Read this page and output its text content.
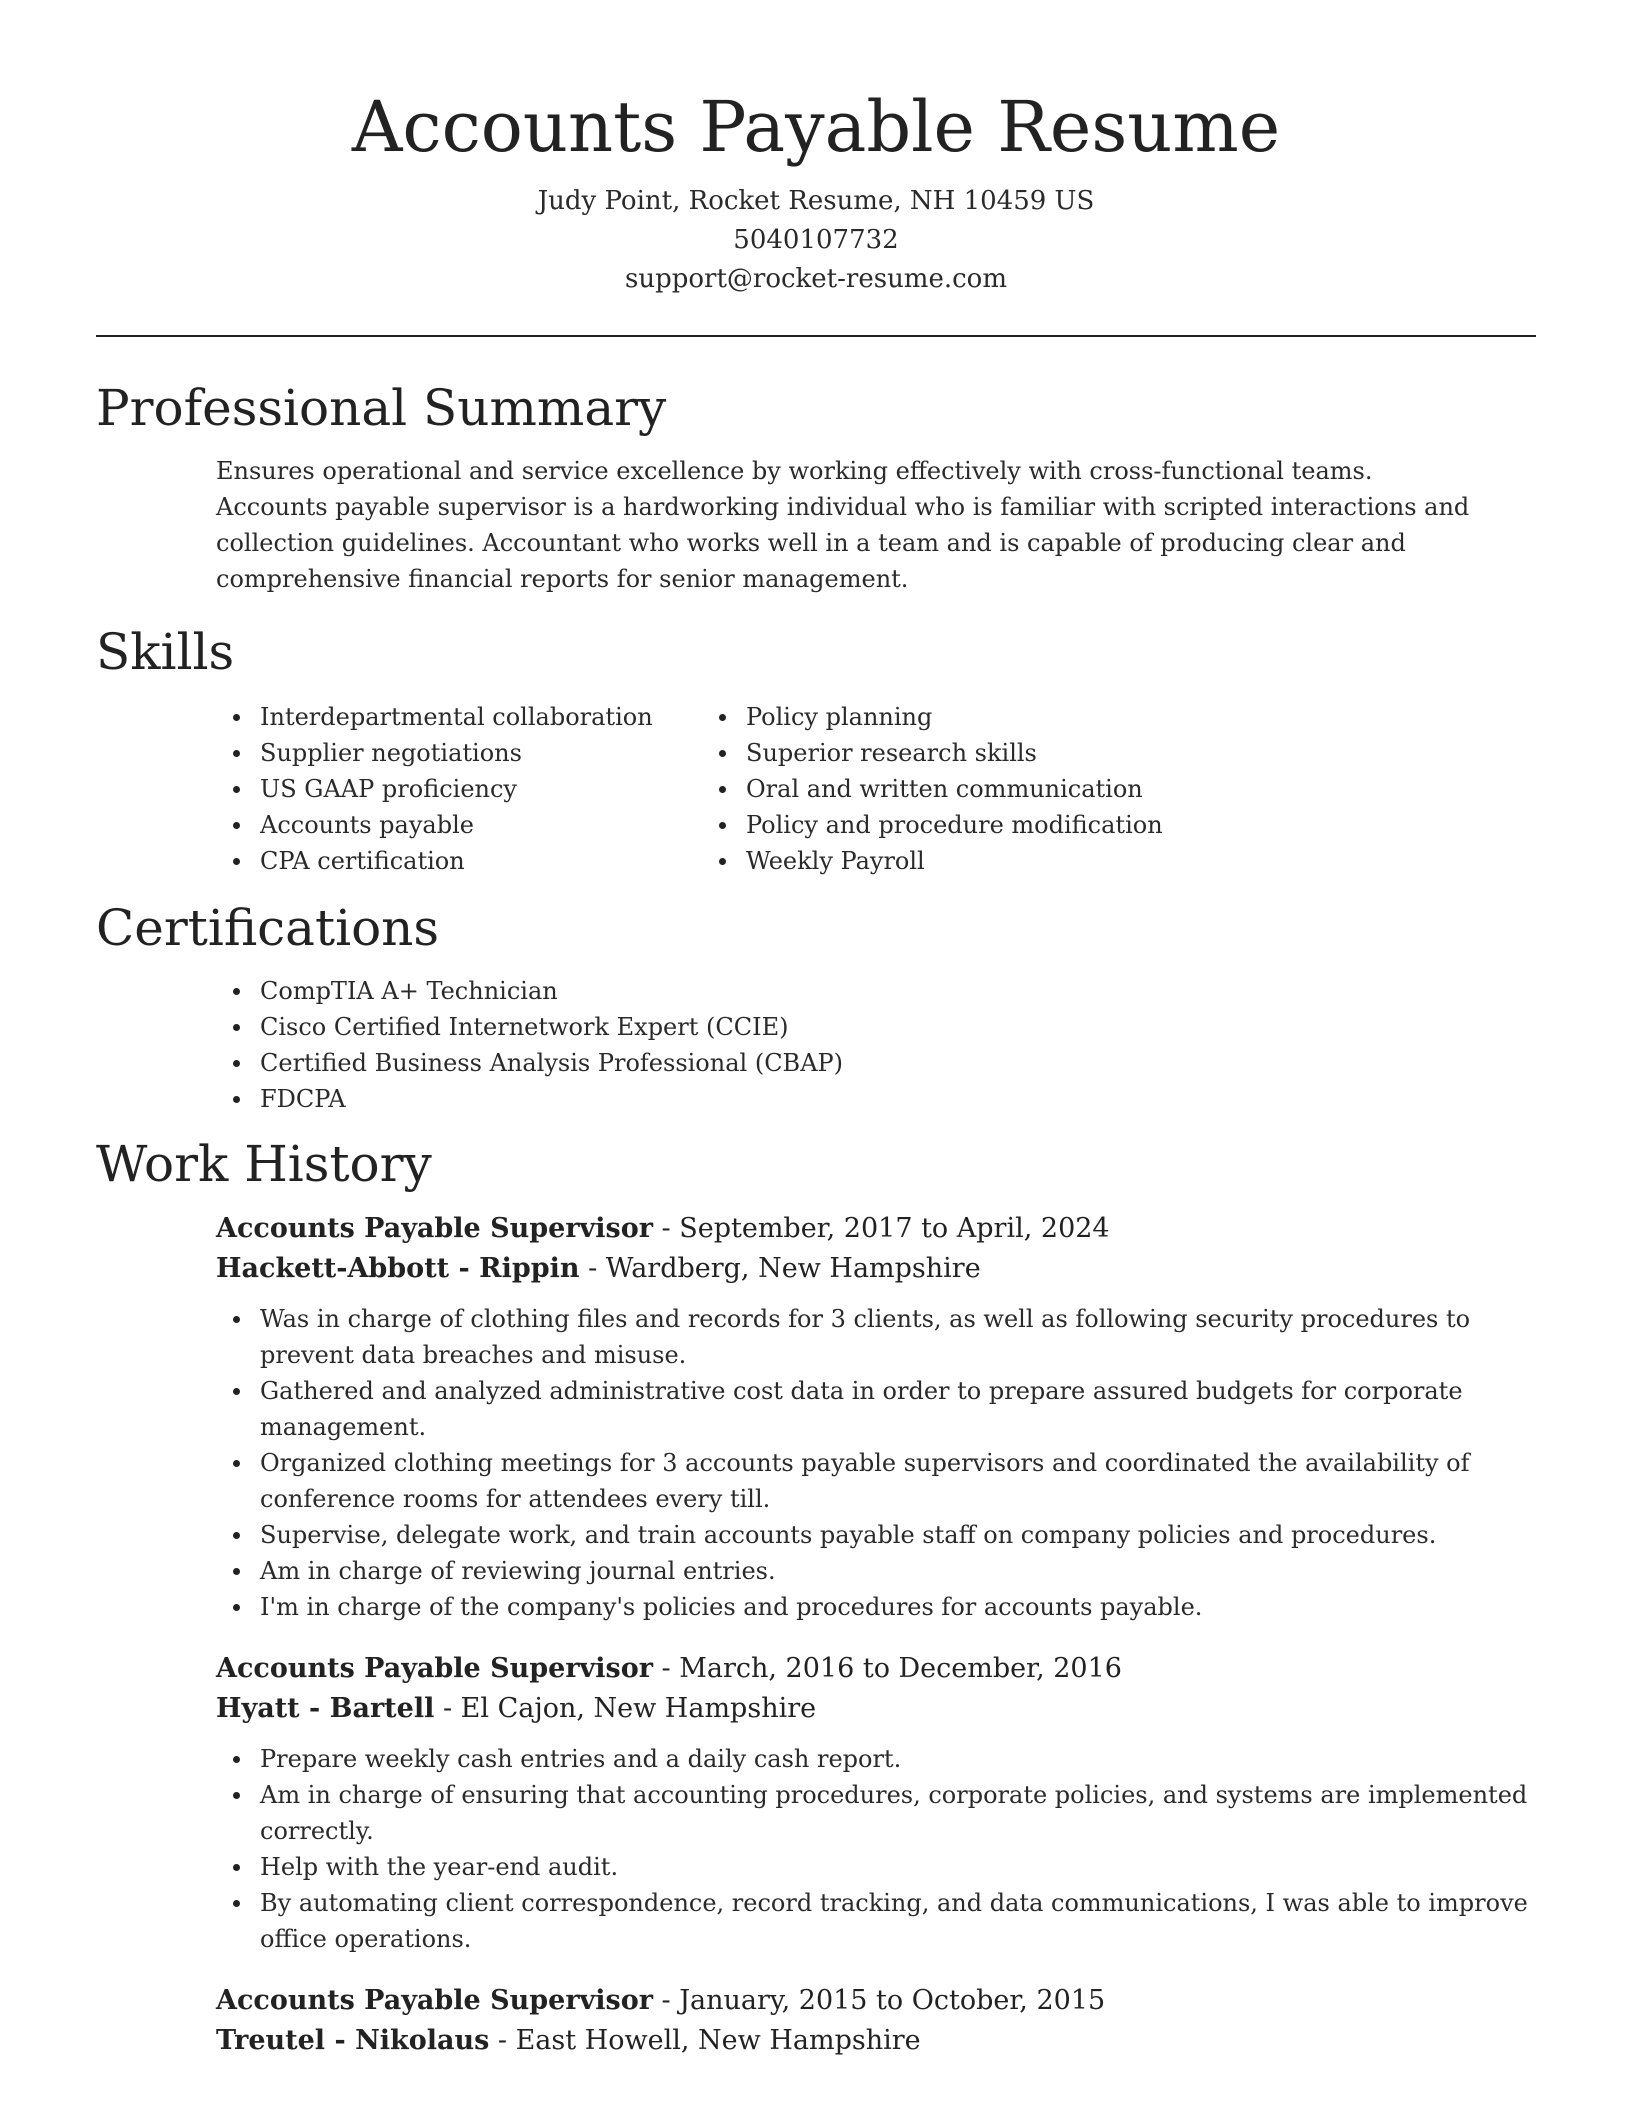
Accounts Payable Resume
Judy Point, Rocket Resume, NH 10459 US
5040107732
support@rocket-resume.com
Professional Summary
Ensures operational and service excellence by working effectively with cross-functional teams. Accounts payable supervisor is a hardworking individual who is familiar with scripted interactions and collection guidelines. Accountant who works well in a team and is capable of producing clear and comprehensive financial reports for senior management.
Skills
Interdepartmental collaboration
Supplier negotiations
US GAAP proficiency
Accounts payable
CPA certification
Policy planning
Superior research skills
Oral and written communication
Policy and procedure modification
Weekly Payroll
Certifications
CompTIA A+ Technician
Cisco Certified Internetwork Expert (CCIE)
Certified Business Analysis Professional (CBAP)
FDCPA
Work History
Accounts Payable Supervisor - September, 2017 to April, 2024
Hackett-Abbott - Rippin - Wardberg, New Hampshire
Was in charge of clothing files and records for 3 clients, as well as following security procedures to prevent data breaches and misuse.
Gathered and analyzed administrative cost data in order to prepare assured budgets for corporate management.
Organized clothing meetings for 3 accounts payable supervisors and coordinated the availability of conference rooms for attendees every till.
Supervise, delegate work, and train accounts payable staff on company policies and procedures.
Am in charge of reviewing journal entries.
I'm in charge of the company's policies and procedures for accounts payable.
Accounts Payable Supervisor - March, 2016 to December, 2016
Hyatt - Bartell - El Cajon, New Hampshire
Prepare weekly cash entries and a daily cash report.
Am in charge of ensuring that accounting procedures, corporate policies, and systems are implemented correctly.
Help with the year-end audit.
By automating client correspondence, record tracking, and data communications, I was able to improve office operations.
Accounts Payable Supervisor - January, 2015 to October, 2015
Treutel - Nikolaus - East Howell, New Hampshire
